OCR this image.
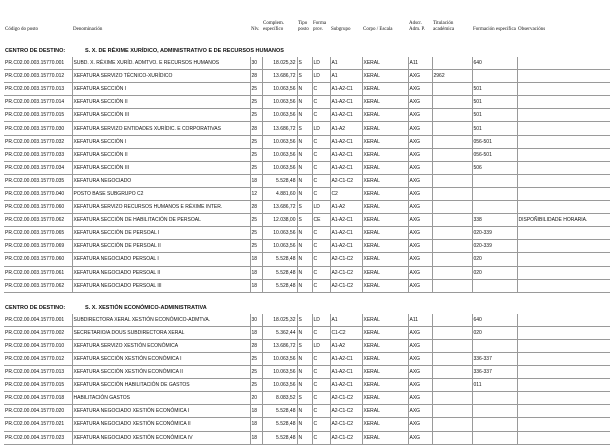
Código do posto	Denominación	Nlv.	Complem. específico	Tipo posto	Forma prov.	Subgrupo	Corpo / Escala	Adscr. Adm. P.	Titulación académica	Formación específica	Observacións
CENTRO DE DESTINO: S. X. DE RÉXIME XURÍDICO, ADMINISTRATIVO E DE RECURSOS HUMANOS											
PR.C02.00.003.15770.001	SUBD. X. RÉXIME XURÍD. ADMTVO. E RECURSOS HUMANOS	30	18.025,32	S	LD	A1	XERAL	A11		640	
PR.C02.00.003.15770.012	XEFATURA SERVIZO TÉCNICO-XURÍDICO	28	13.686,72	S	LD	A1	XERAL	AXG	2962		
PR.C02.00.003.15770.013	XEFATURA SECCIÓN I	25	10.063,56	N	C	A1-A2-C1	XERAL	AXG		501	
PR.C02.00.003.15770.014	XEFATURA SECCIÓN II	25	10.063,56	N	C	A1-A2-C1	XERAL	AXG		501	
PR.C02.00.003.15770.015	XEFATURA SECCIÓN III	25	10.063,56	N	C	A1-A2-C1	XERAL	AXG		501	
PR.C02.00.003.15770.030	XEFATURA SERVIZO ENTIDADES XURÍDIC. E CORPORATIVAS	28	13.686,72	S	LD	A1-A2	XERAL	AXG		501	
PR.C02.00.003.15770.032	XEFATURA SECCIÓN I	25	10.063,56	N	C	A1-A2-C1	XERAL	AXG		056-501	
PR.C02.00.003.15770.033	XEFATURA SECCIÓN II	25	10.063,56	N	C	A1-A2-C1	XERAL	AXG		056-501	
PR.C02.00.003.15770.034	XEFATURA SECCIÓN III	25	10.063,56	N	C	A1-A2-C1	XERAL	AXG		506	
PR.C02.00.003.15770.035	XEFATURA NEGOCIADO	18	5.528,48	N	C	A2-C1-C2	XERAL	AXG			
PR.C02.00.003.15770.040	POSTO BASE SUBGRUPO C2	12	4.881,60	N	C	C2	XERAL	AXG			
PR.C02.00.003.15770.060	XEFATURA SERVIZO RECURSOS HUMANOS E RÉXIME INTER.	28	13.686,72	S	LD	A1-A2	XERAL	AXG			
PR.C02.00.003.15770.062	XEFATURA SECCIÓN DE HABILITACIÓN DE PERSOAL	25	12.038,00	S	CE	A1-A2-C1	XERAL	AXG		338	DISPOÑIBILIDADE HORARIA.
PR.C02.00.003.15770.065	XEFATURA SECCIÓN DE PERSOAL I	25	10.063,56	N	C	A1-A2-C1	XERAL	AXG		020-339	
PR.C02.00.003.15770.069	XEFATURA SECCIÓN DE PERSOAL II	25	10.063,56	N	C	A1-A2-C1	XERAL	AXG		020-339	
PR.C02.00.003.15770.060	XEFATURA NEGOCIADO PERSOAL I	18	5.528,48	N	C	A2-C1-C2	XERAL	AXG		020	
PR.C02.00.003.15770.061	XEFATURA NEGOCIADO PERSOAL II	18	5.528,48	N	C	A2-C1-C2	XERAL	AXG		020	
PR.C02.00.003.15770.062	XEFATURA NEGOCIADO PERSOAL III	18	5.528,48	N	C	A2-C1-C2	XERAL	AXG			

CENTRO DE DESTINO: S. X. XESTIÓN ECONÓMICO-ADMINISTRATIVA											
PR.C02.00.004.15770.001	SUBDIRECTORA XERAL XESTIÓN ECONÓMICO-ADMTVA.	30	18.025,32	S	LD	A1	XERAL	A11		640	
PR.C02.00.004.15770.002	SECRETARIO/A DOUS SUBDIRECTORA XERAL	18	5.362,44	N	C	C1-C2	XERAL	AXG		020	
PR.C02.00.004.15770.010	XEFATURA SERVIZO XESTIÓN ECONÓMICA	28	13.686,72	S	LD	A1-A2	XERAL	AXG			
PR.C02.00.004.15770.012	XEFATURA SECCIÓN XESTIÓN ECONÓMICA I	25	10.063,56	N	C	A1-A2-C1	XERAL	AXG		336-337	
PR.C02.00.004.15770.013	XEFATURA SECCIÓN XESTIÓN ECONÓMICA II	25	10.063,56	N	C	A1-A2-C1	XERAL	AXG		336-337	
PR.C02.00.004.15770.015	XEFATURA SECCIÓN HABILITACIÓN DE GASTOS	25	10.063,56	N	C	A1-A2-C1	XERAL	AXG		011	
PR.C02.00.004.15770.018	HABILITACIÓN GASTOS	20	8.083,52	S	C	A2-C1-C2	XERAL	AXG			
PR.C02.00.004.15770.020	XEFATURA NEGOCIADO XESTIÓN ECONÓMICA I	18	5.528,48	N	C	A2-C1-C2	XERAL	AXG			
PR.C02.00.004.15770.021	XEFATURA NEGOCIADO XESTIÓN ECONÓMICA II	18	5.528,48	N	C	A2-C1-C2	XERAL	AXG			
PR.C02.00.004.15770.023	XEFATURA NEGOCIADO XESTIÓN ECONÓMICA IV	18	5.528,48	N	C	A2-C1-C2	XERAL	AXG			
